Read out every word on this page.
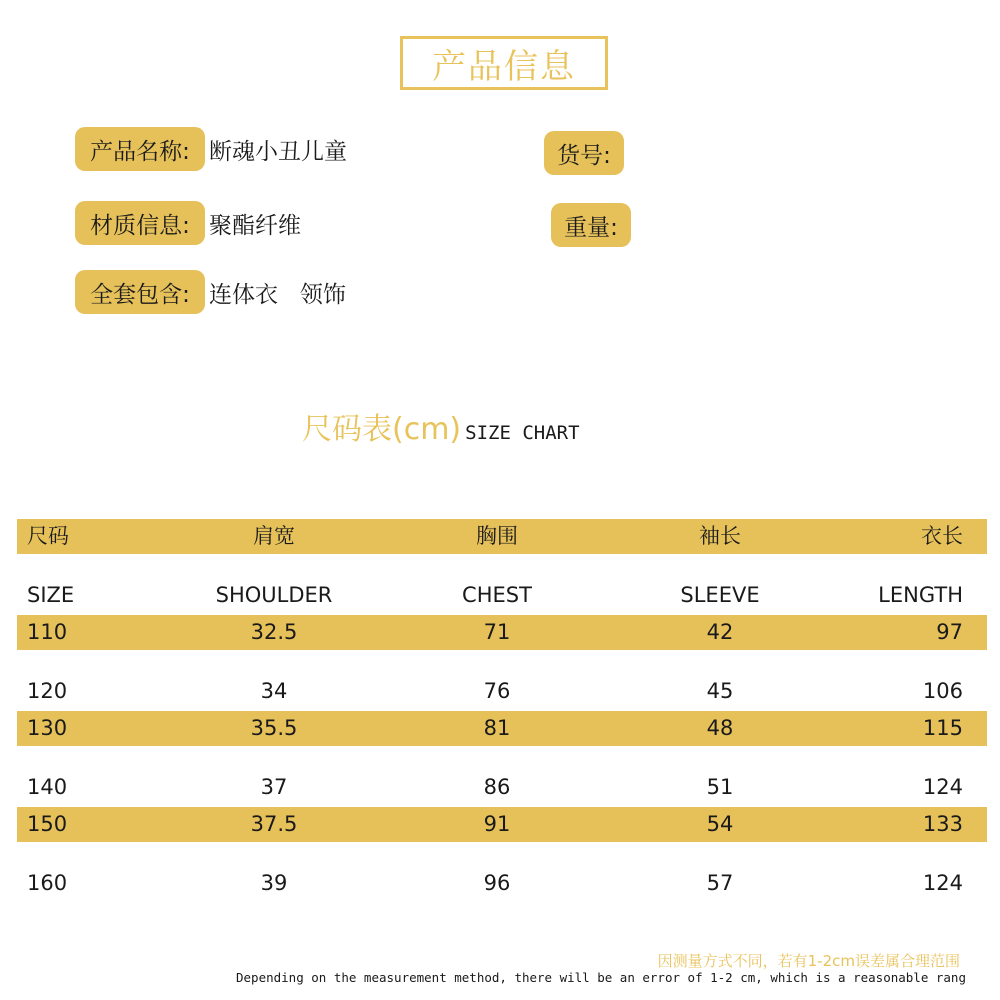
产品信息
产品名称: 断魂小丑儿童	货号:
材质信息: 聚酯纤维	重量:
全套包含: 连体衣   领饰
尺码表(cm) SIZE CHART
尺码	肩宽	胸围	袖长	衣长
SIZE	SHOULDER	CHEST	SLEEVE	LENGTH
110	32.5	71	42	97
120	34	76	45	106
130	35.5	81	48	115
140	37	86	51	124
150	37.5	91	54	133
160	39	96	57	124
因测量方式不同，若有1-2cm误差属合理范围
Depending on the measurement method, there will be an error of 1-2 cm, which is a reasonable rang
